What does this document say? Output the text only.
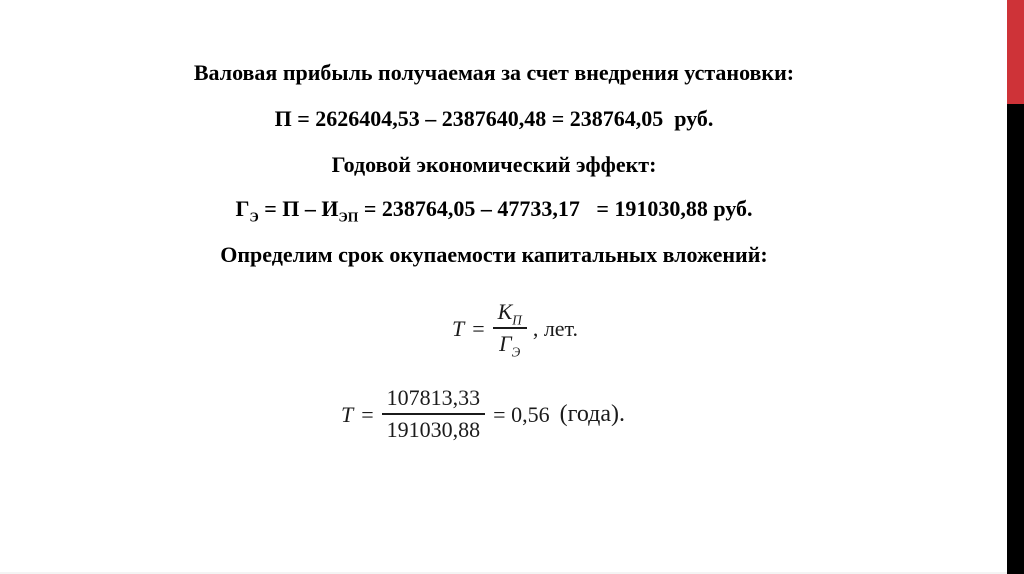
Валовая прибыль получаемая за счет внедрения установки:

П = 2626404,53 – 2387640,48 = 238764,05  руб.

Годовой экономический эффект:

$Г_Э = П - И_{ЭП} = 238764,05 - 47733,17 = 191030,88$ руб.

Определим срок окупаемости капитальных вложений:

$T = \frac{К_П}{Г_Э}$ , лет.
$T = \frac{107813,33}{191030,88} = 0,56$ (года).
